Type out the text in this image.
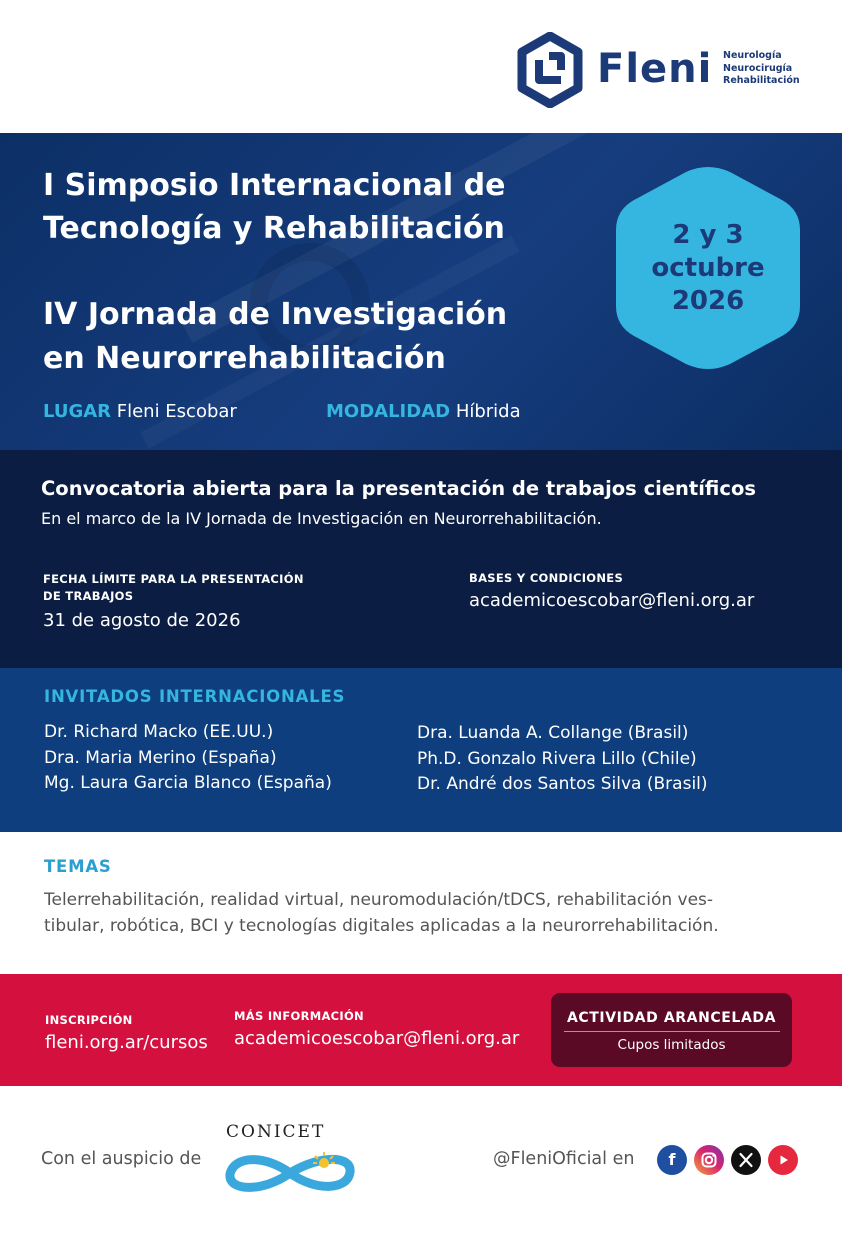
Fleni Neurología
Neurocirugía
Rehabilitación
I Simposio Internacional de
Tecnología y Rehabilitación
IV Jornada de Investigación
en Neurorrehabilitación
2 y 3
octubre
2026
LUGAR Fleni Escobar	MODALIDAD Híbrida
Convocatoria abierta para la presentación de trabajos científicos
En el marco de la IV Jornada de Investigación en Neurorrehabilitación.
FECHA LÍMITE PARA LA PRESENTACIÓN
DE TRABAJOS
31 de agosto de 2026
BASES Y CONDICIONES
academicoescobar@fleni.org.ar
INVITADOS INTERNACIONALES
Dr. Richard Macko (EE.UU.)
Dra. Maria Merino (España)
Mg. Laura Garcia Blanco (España)
Dra. Luanda A. Collange (Brasil)
Ph.D. Gonzalo Rivera Lillo (Chile)
Dr. André dos Santos Silva (Brasil)
TEMAS
Telerrehabilitación, realidad virtual, neuromodulación/tDCS, rehabilitación ves-
tibular, robótica, BCI y tecnologías digitales aplicadas a la neurorrehabilitación.
INSCRIPCIÓN
fleni.org.ar/cursos
MÁS INFORMACIÓN
academicoescobar@fleni.org.ar
ACTIVIDAD ARANCELADA
Cupos limitados
Con el auspicio de
CONICET
@FleniOficial en	f
